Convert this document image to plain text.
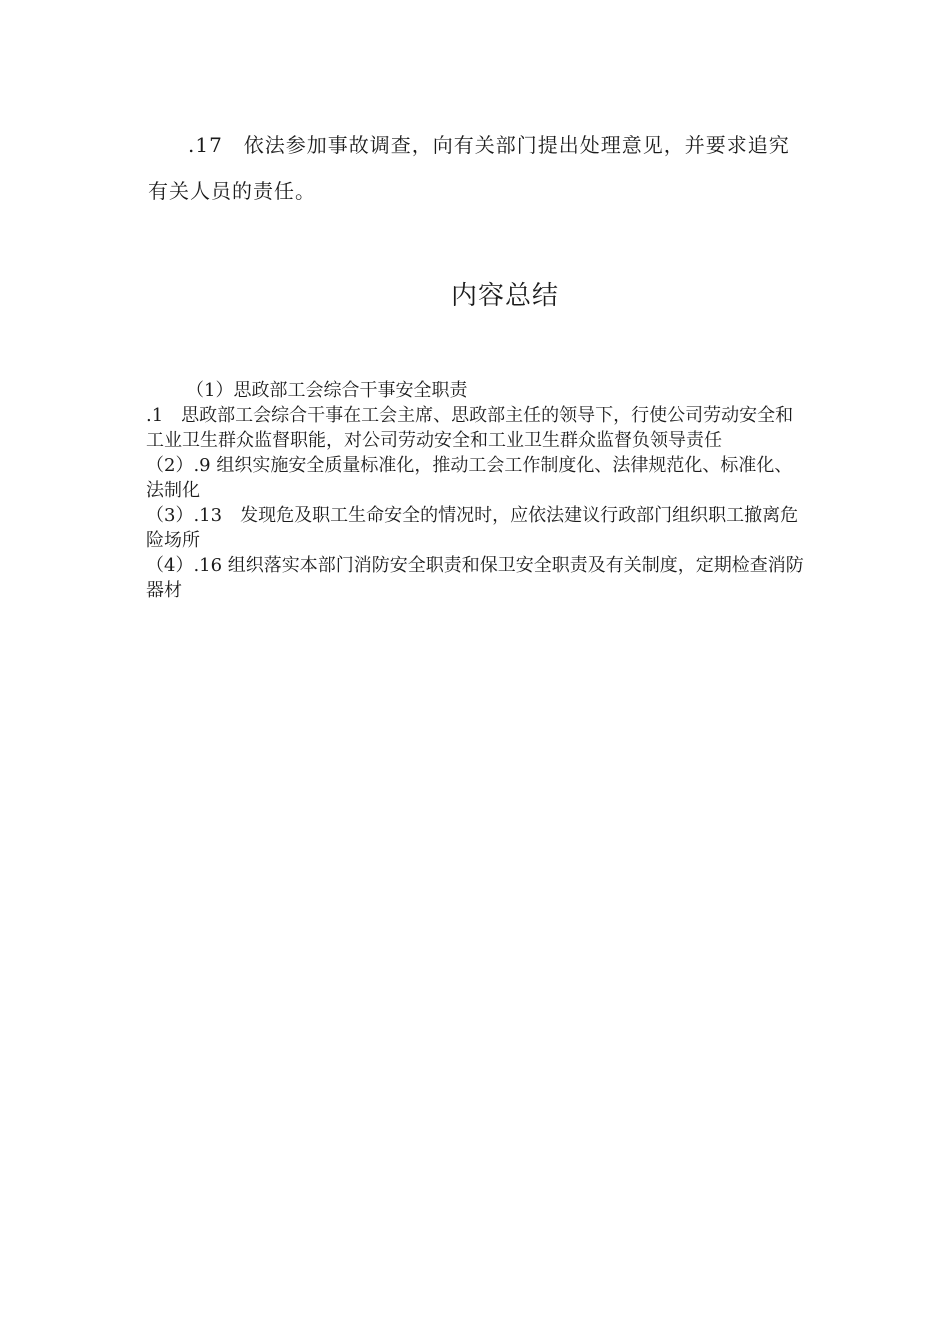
.17　依法参加事故调查，向有关部门提出处理意见，并要求追究有关人员的责任。

内容总结

（1）思政部工会综合干事安全职责

.1　思政部工会综合干事在工会主席、思政部主任的领导下，行使公司劳动安全和工业卫生群众监督职能，对公司劳动安全和工业卫生群众监督负领导责任

（2）.9 组织实施安全质量标准化，推动工会工作制度化、法律规范化、标准化、法制化

（3）.13　发现危及职工生命安全的情况时，应依法建议行政部门组织职工撤离危险场所

（4）.16 组织落实本部门消防安全职责和保卫安全职责及有关制度，定期检查消防器材
